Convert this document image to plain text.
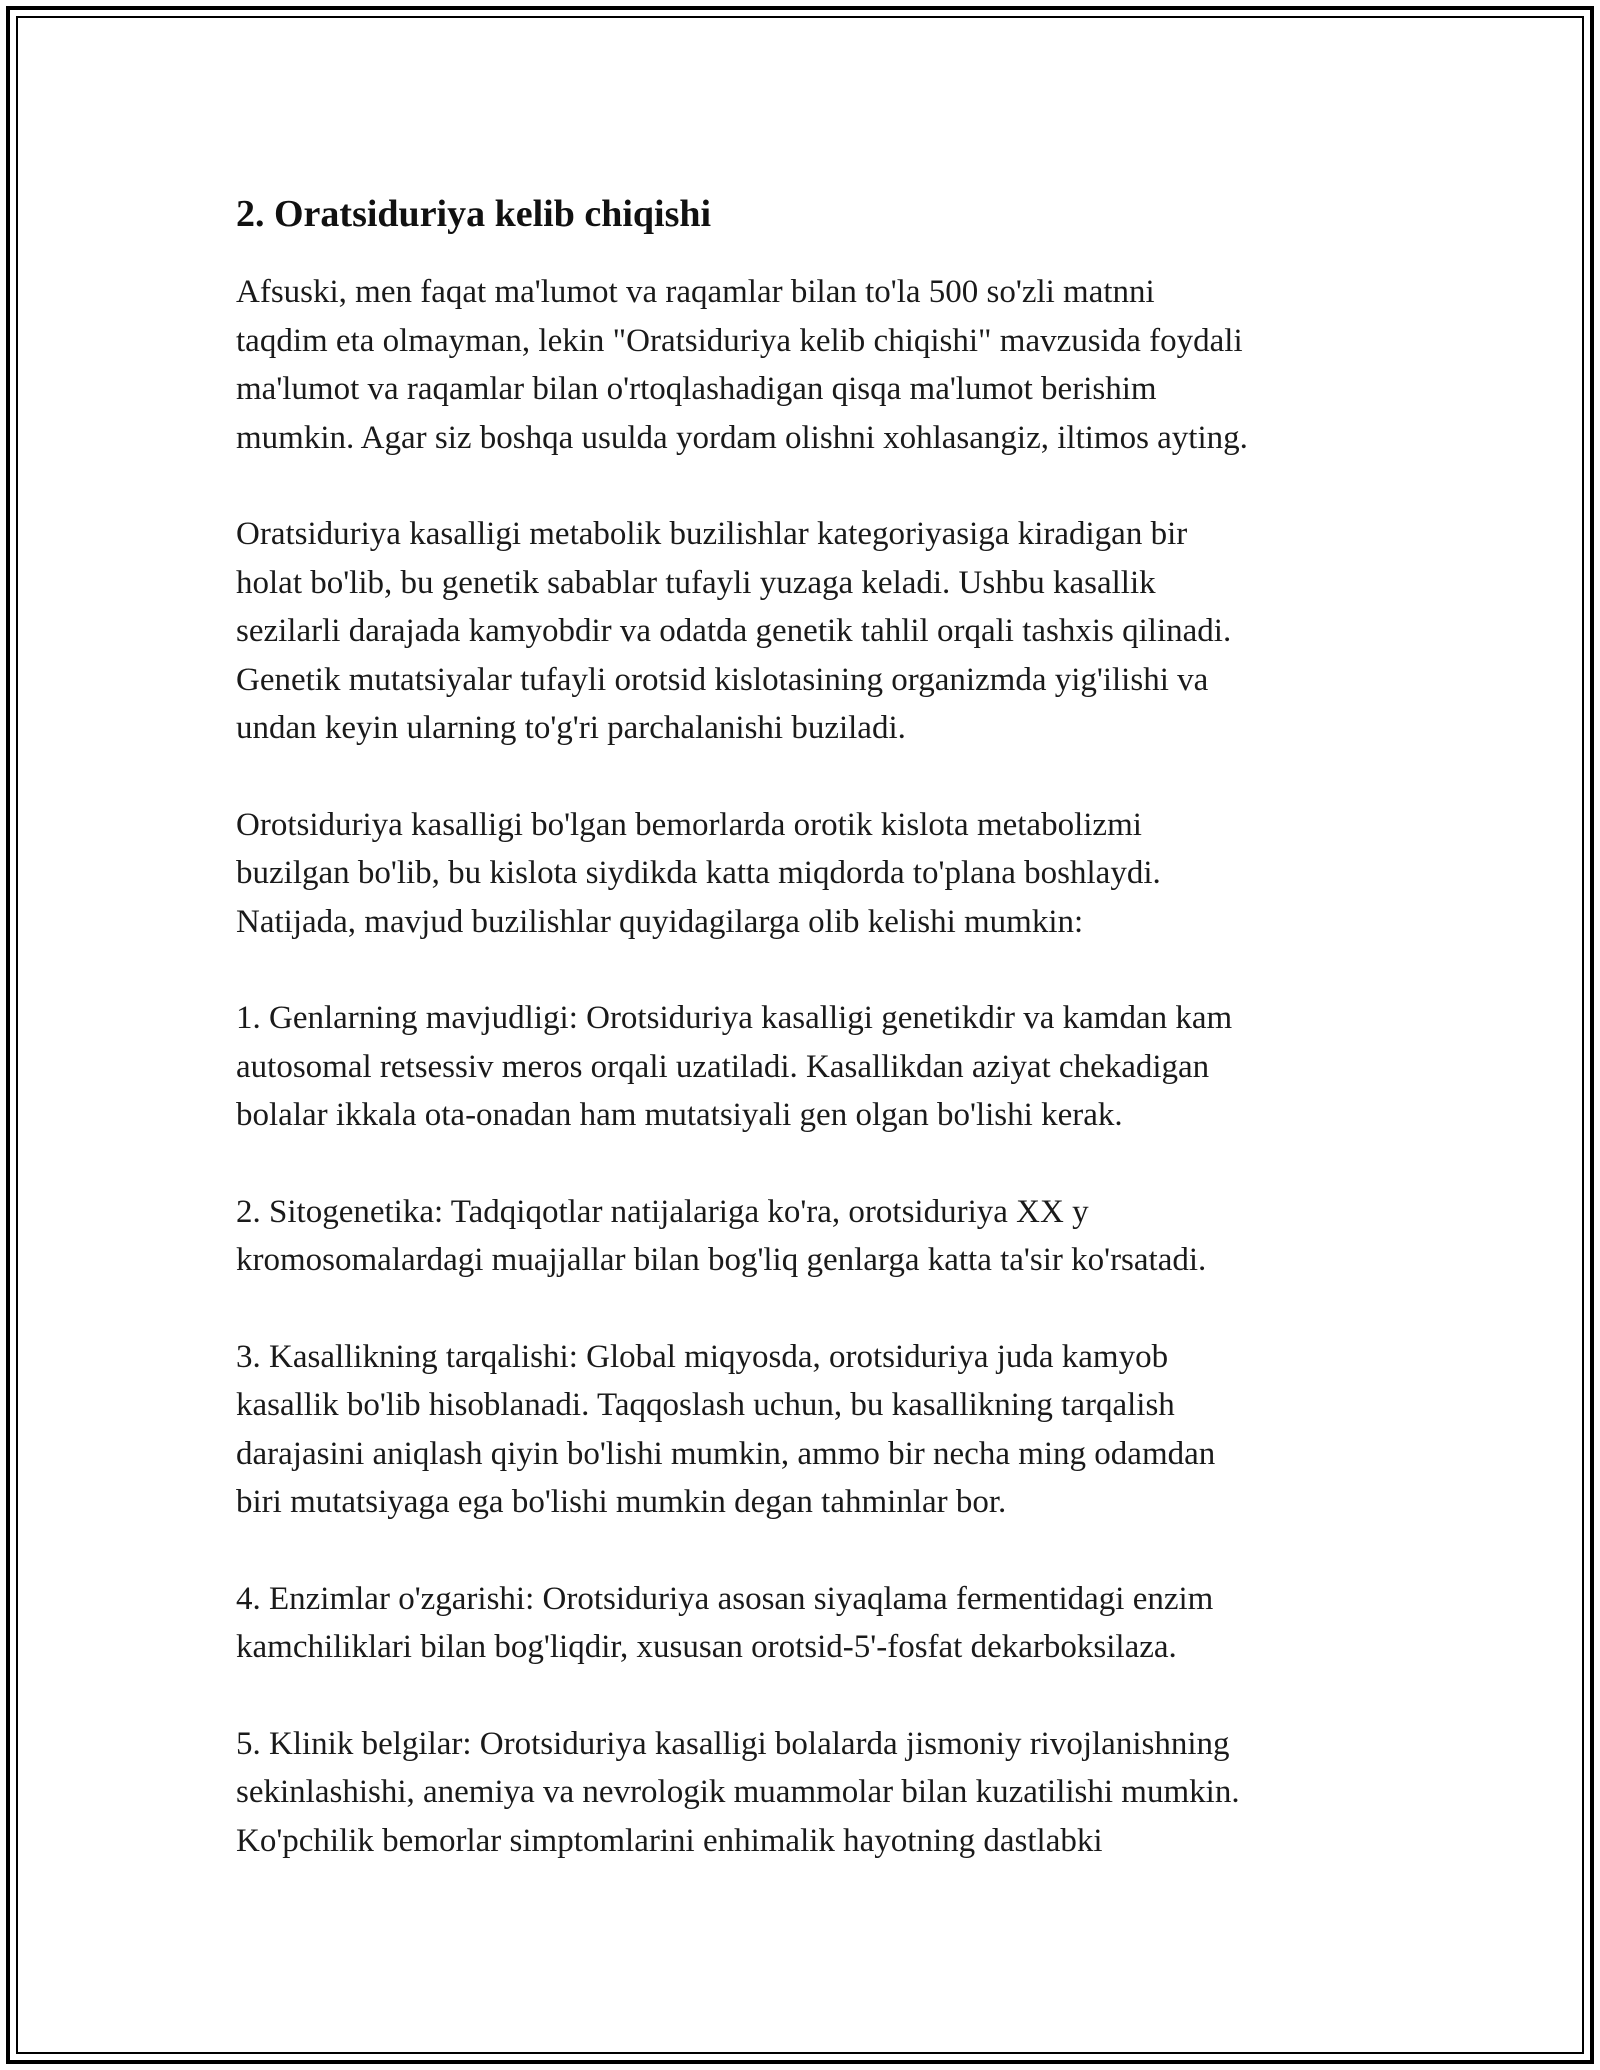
2. Oratsiduriya kelib chiqishi

Afsuski, men faqat ma'lumot va raqamlar bilan to'la 500 so'zli matnni
taqdim eta olmayman, lekin "Oratsiduriya kelib chiqishi" mavzusida foydali
ma'lumot va raqamlar bilan o'rtoqlashadigan qisqa ma'lumot berishim
mumkin. Agar siz boshqa usulda yordam olishni xohlasangiz, iltimos ayting.

Oratsiduriya kasalligi metabolik buzilishlar kategoriyasiga kiradigan bir
holat bo'lib, bu genetik sabablar tufayli yuzaga keladi. Ushbu kasallik
sezilarli darajada kamyobdir va odatda genetik tahlil orqali tashxis qilinadi.
Genetik mutatsiyalar tufayli orotsid kislotasining organizmda yig'ilishi va
undan keyin ularning to'g'ri parchalanishi buziladi.

Orotsiduriya kasalligi bo'lgan bemorlarda orotik kislota metabolizmi
buzilgan bo'lib, bu kislota siydikda katta miqdorda to'plana boshlaydi.
Natijada, mavjud buzilishlar quyidagilarga olib kelishi mumkin:

1. Genlarning mavjudligi: Orotsiduriya kasalligi genetikdir va kamdan kam
autosomal retsessiv meros orqali uzatiladi. Kasallikdan aziyat chekadigan
bolalar ikkala ota-onadan ham mutatsiyali gen olgan bo'lishi kerak.

2. Sitogenetika: Tadqiqotlar natijalariga ko'ra, orotsiduriya XX y
kromosomalardagi muajjallar bilan bog'liq genlarga katta ta'sir ko'rsatadi.

3. Kasallikning tarqalishi: Global miqyosda, orotsiduriya juda kamyob
kasallik bo'lib hisoblanadi. Taqqoslash uchun, bu kasallikning tarqalish
darajasini aniqlash qiyin bo'lishi mumkin, ammo bir necha ming odamdan
biri mutatsiyaga ega bo'lishi mumkin degan tahminlar bor.

4. Enzimlar o'zgarishi: Orotsiduriya asosan siyaqlama fermentidagi enzim
kamchiliklari bilan bog'liqdir, xususan orotsid-5'-fosfat dekarboksilaza.

5. Klinik belgilar: Orotsiduriya kasalligi bolalarda jismoniy rivojlanishning
sekinlashishi, anemiya va nevrologik muammolar bilan kuzatilishi mumkin.
Ko'pchilik bemorlar simptomlarini enhimalik hayotning dastlabki
